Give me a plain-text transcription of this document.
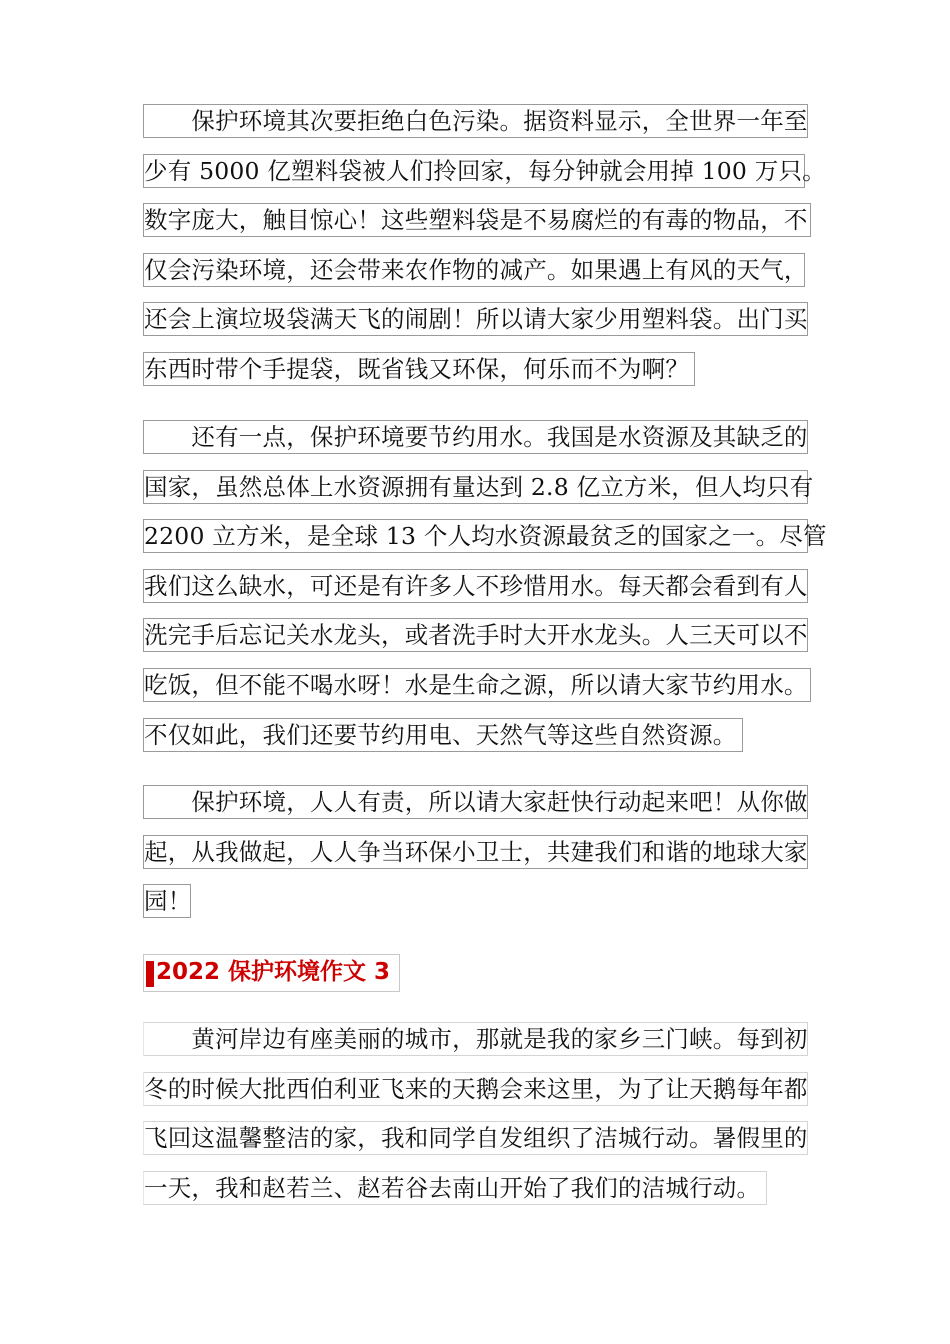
　　保护环境其次要拒绝白色污染。据资料显示，全世界一年至
少有 5000 亿塑料袋被人们拎回家，每分钟就会用掉 100 万只。
数字庞大，触目惊心！这些塑料袋是不易腐烂的有毒的物品，不
仅会污染环境，还会带来农作物的减产。如果遇上有风的天气，
还会上演垃圾袋满天飞的闹剧！所以请大家少用塑料袋。出门买
东西时带个手提袋，既省钱又环保，何乐而不为啊？
　　还有一点，保护环境要节约用水。我国是水资源及其缺乏的
国家，虽然总体上水资源拥有量达到 2.8 亿立方米，但人均只有
2200 立方米，是全球 13 个人均水资源最贫乏的国家之一。尽管
我们这么缺水，可还是有许多人不珍惜用水。每天都会看到有人
洗完手后忘记关水龙头，或者洗手时大开水龙头。人三天可以不
吃饭，但不能不喝水呀！水是生命之源，所以请大家节约用水。
不仅如此，我们还要节约用电、天然气等这些自然资源。
　　保护环境，人人有责，所以请大家赶快行动起来吧！从你做
起，从我做起，人人争当环保小卫士，共建我们和谐的地球大家
园！
2022 保护环境作文 3
　　黄河岸边有座美丽的城市，那就是我的家乡三门峡。每到初
冬的时候大批西伯利亚飞来的天鹅会来这里，为了让天鹅每年都
飞回这温馨整洁的家，我和同学自发组织了洁城行动。暑假里的
一天，我和赵若兰、赵若谷去南山开始了我们的洁城行动。
